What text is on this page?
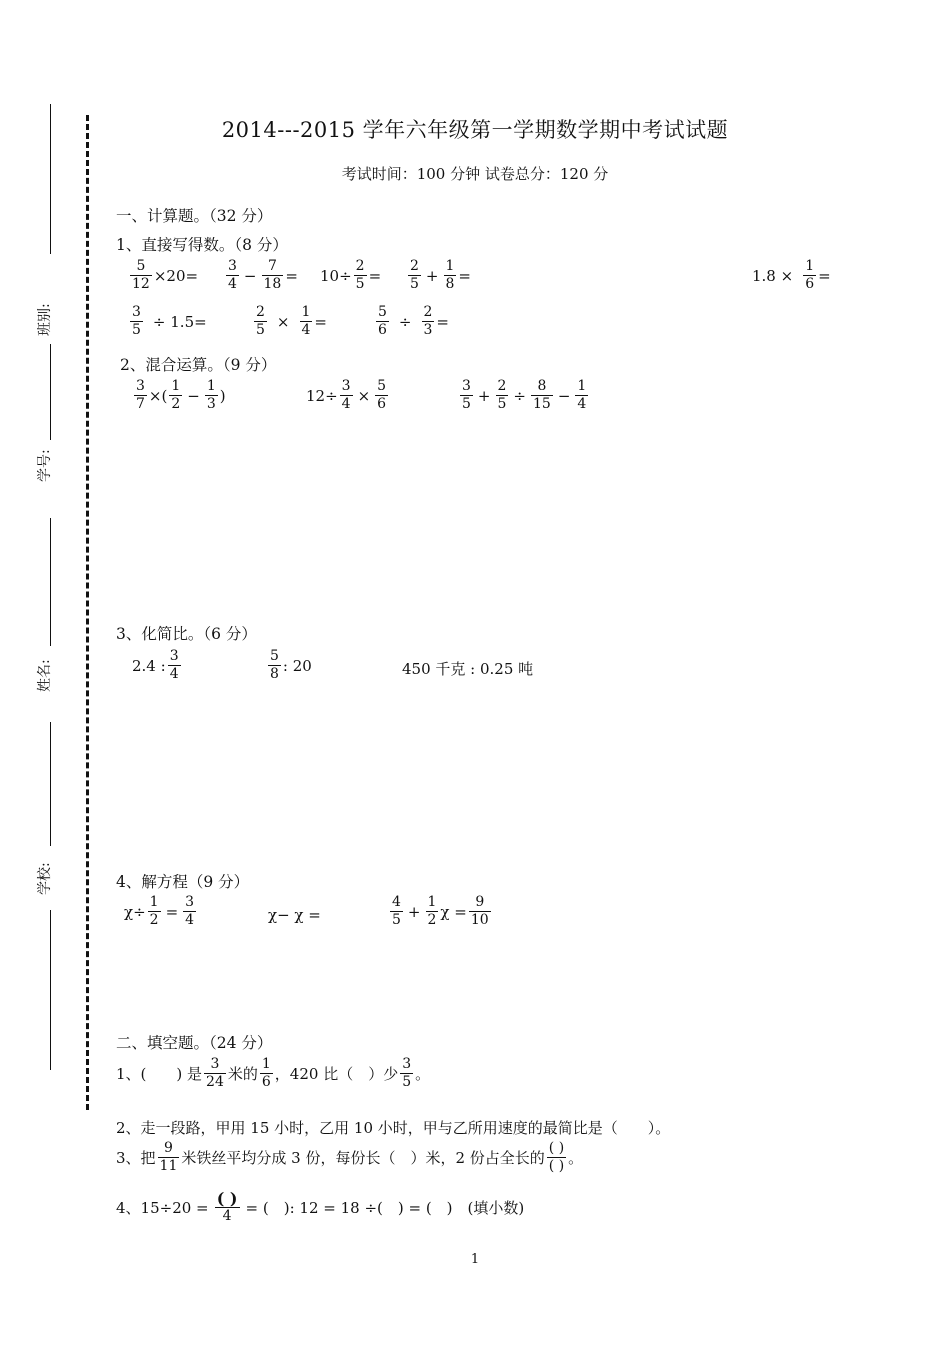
班别:
学号:
姓名:
学校:
2014---2015 学年六年级第一学期数学期中考试试题
考试时间：100 分钟 试卷总分：120 分
一、计算题。（32 分）
1、直接写得数。（8 分）
$\frac{5}{12} \times 20= \frac{3}{4} - \frac{7}{18} = 10\div \frac{2}{5} = \frac{2}{5} + \frac{1}{8}$ =	$1.8 \times \frac{1}{6}$ =
$\frac{3}{5} \div 1.5=$	$\frac{2}{5} \times \frac{1}{4}$ =	$\frac{5}{6} \div \frac{2}{3}$ =
2、混合运算。（9 分）
$\frac{3}{7}$ ×( $\frac{1}{2} - \frac{1}{3}$ )	$12\div \frac{3}{4} \times \frac{5}{6}$	$\frac{3}{5} + \frac{2}{5} \div \frac{8}{15} - \frac{1}{4}$
3、化简比。（6 分）
2.4 : $\frac{3}{4}$	$\frac{5}{8}$ : 20	450 千克 : 0.25 吨
4、解方程（9 分）
$\chi\div \frac{1}{2} = \frac{3}{4}$	χ− χ =	$\frac{4}{5} + \frac{1}{2}$ $\chi = \frac{9}{10}$
二、填空题。（24 分）
1、(　　) 是 $\frac{3}{24}$ 米的 $\frac{1}{6}$ ，420 比（　）少 $\frac{3}{5}$ 。
2、走一段路，甲用 15 小时，乙用 10 小时，甲与乙所用速度的最简比是（　　）。
3、把 $\frac{9}{11}$ 米铁丝平均分成 3 份，每份长（　）米，2 份占全长的 $\frac{( )}{( )}$ 。
4、$15\div 20 = \frac{( )}{4}$ = (　): 12 = 18 ÷(　) = (　)　(填小数)
1
